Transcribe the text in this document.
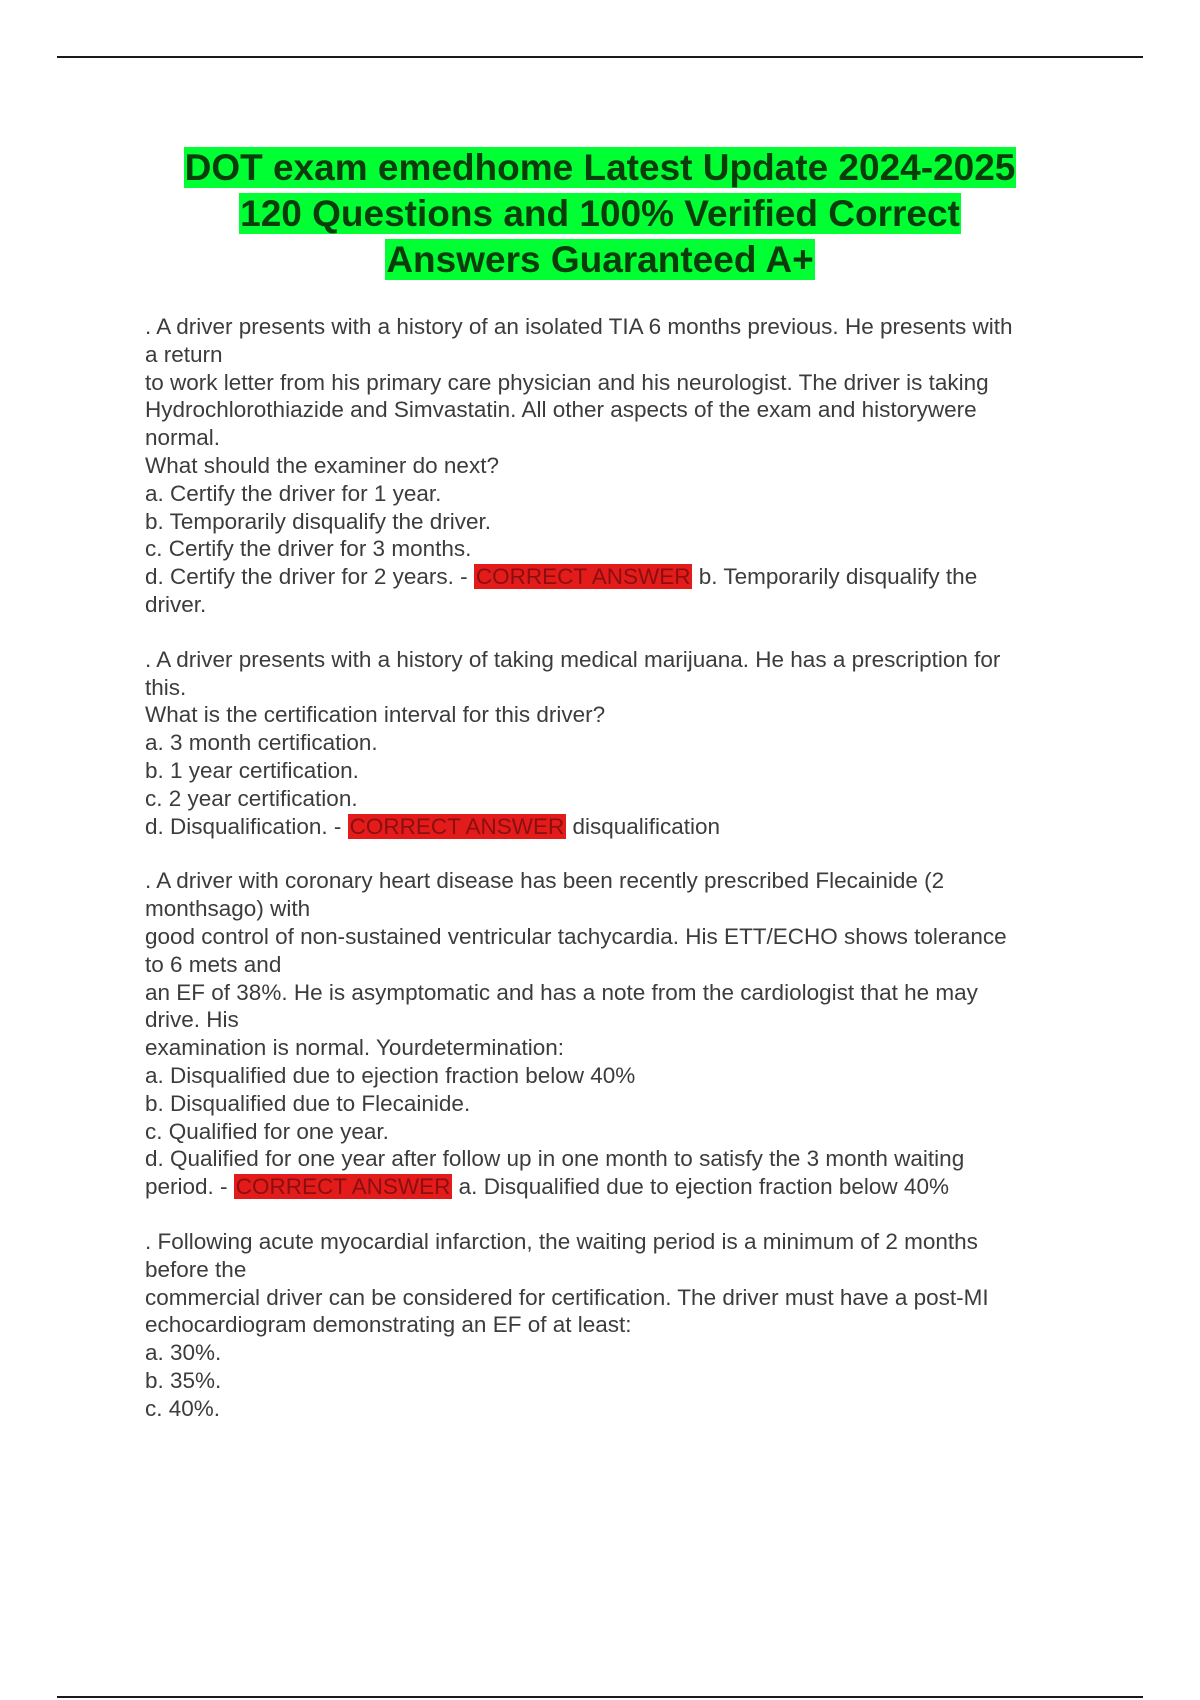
DOT exam emedhome Latest Update 2024-2025
120 Questions and 100% Verified Correct
Answers Guaranteed A+
. A driver presents with a history of an isolated TIA 6 months previous. He presents with
a return
to work letter from his primary care physician and his neurologist. The driver is taking
Hydrochlorothiazide and Simvastatin. All other aspects of the exam and historywere
normal.
What should the examiner do next?
a. Certify the driver for 1 year.
b. Temporarily disqualify the driver.
c. Certify the driver for 3 months.
d. Certify the driver for 2 years. - CORRECT ANSWER b. Temporarily disqualify the
driver.
. A driver presents with a history of taking medical marijuana. He has a prescription for
this.
What is the certification interval for this driver?
a. 3 month certification.
b. 1 year certification.
c. 2 year certification.
d. Disqualification. - CORRECT ANSWER disqualification
. A driver with coronary heart disease has been recently prescribed Flecainide (2
monthsago) with
good control of non-sustained ventricular tachycardia. His ETT/ECHO shows tolerance
to 6 mets and
an EF of 38%. He is asymptomatic and has a note from the cardiologist that he may
drive. His
examination is normal. Yourdetermination:
a. Disqualified due to ejection fraction below 40%
b. Disqualified due to Flecainide.
c. Qualified for one year.
d. Qualified for one year after follow up in one month to satisfy the 3 month waiting
period. - CORRECT ANSWER a. Disqualified due to ejection fraction below 40%
. Following acute myocardial infarction, the waiting period is a minimum of 2 months
before the
commercial driver can be considered for certification. The driver must have a post-MI
echocardiogram demonstrating an EF of at least:
a. 30%.
b. 35%.
c. 40%.
